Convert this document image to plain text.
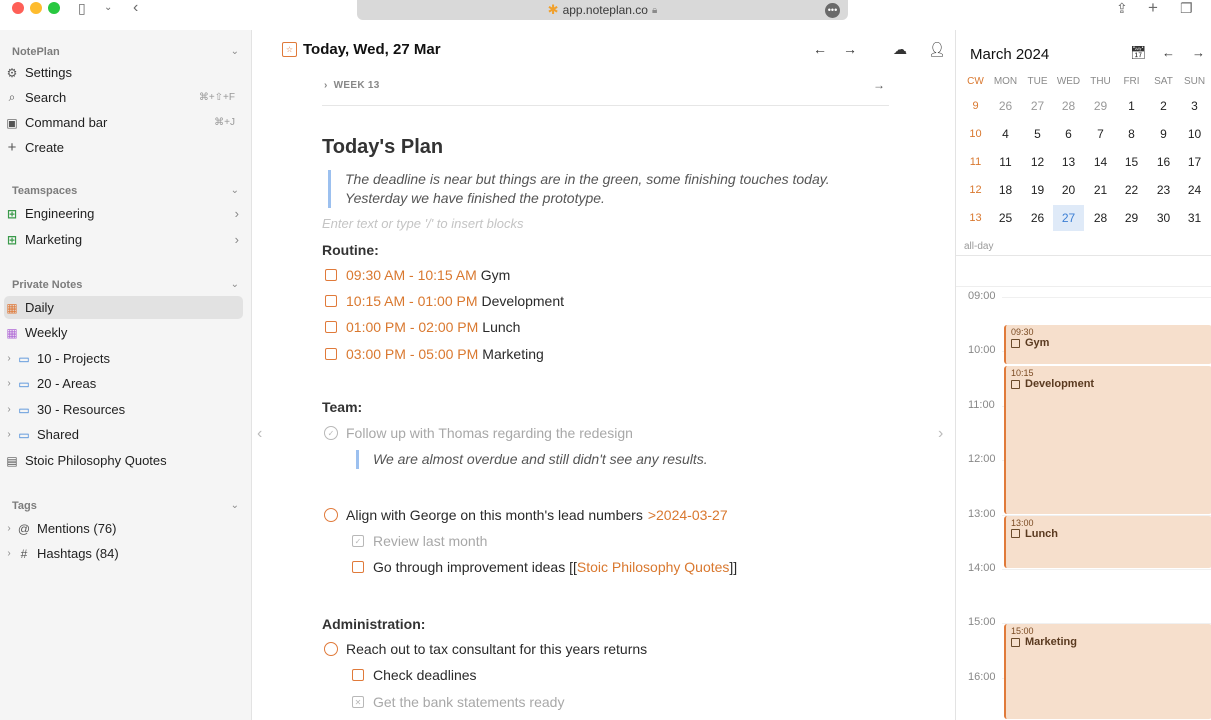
▯ ⌄ ‹	✱ app.noteplan.co 🔒︎	•••	⇪ + ❐
NotePlan	⌄
⚙ Settings
⌕ Search	⌘+⇧+F
▣ Command bar	⌘+J
+ Create
Teamspaces	⌄
⊞ Engineering	›
⊞ Marketing	›
Private Notes	⌄
▦ Daily
▦ Weekly
› ▭ 10 - Projects
› ▭ 20 - Areas
› ▭ 30 - Resources
› ▭ Shared
▤ Stoic Philosophy Quotes
Tags	⌄
› @ Mentions (76)
› # Hashtags (84)
☆ Today, Wed, 27 Mar	← →	☁ 👤︎
› WEEK 13	→
Today's Plan
The deadline is near but things are in the green, some finishing touches today.
Yesterday we have finished the prototype.
Enter text or type '/' to insert blocks
Routine:
09:30 AM - 10:15 AM Gym
10:15 AM - 01:00 PM Development
01:00 PM - 02:00 PM Lunch
03:00 PM - 05:00 PM Marketing
Team:
✓ Follow up with Thomas regarding the redesign
We are almost overdue and still didn't see any results.
Align with George on this month's lead numbers >2024-03-27
✓ Review last month
Go through improvement ideas [[ Stoic Philosophy Quotes ]]
Administration:
Reach out to tax consultant for this years returns
Check deadlines
✕ Get the bank statements ready
‹	›
March 2024	📅︎ ← →
CW	MON	TUE WED	THU	FRI	SAT	SUN
9	26	27	28	29	1	2	3
10	4	5	6	7	8	9	10
11	11	12	13	14	15	16	17
12	18	19	20	21	22	23	24
13	25	26	27	28	29	30	31
all-day
09:00
10:00
11:00
12:00
13:00
14:00
15:00
16:00
09:30
Gym
10:15
Development
13:00
Lunch
15:00
Marketing
